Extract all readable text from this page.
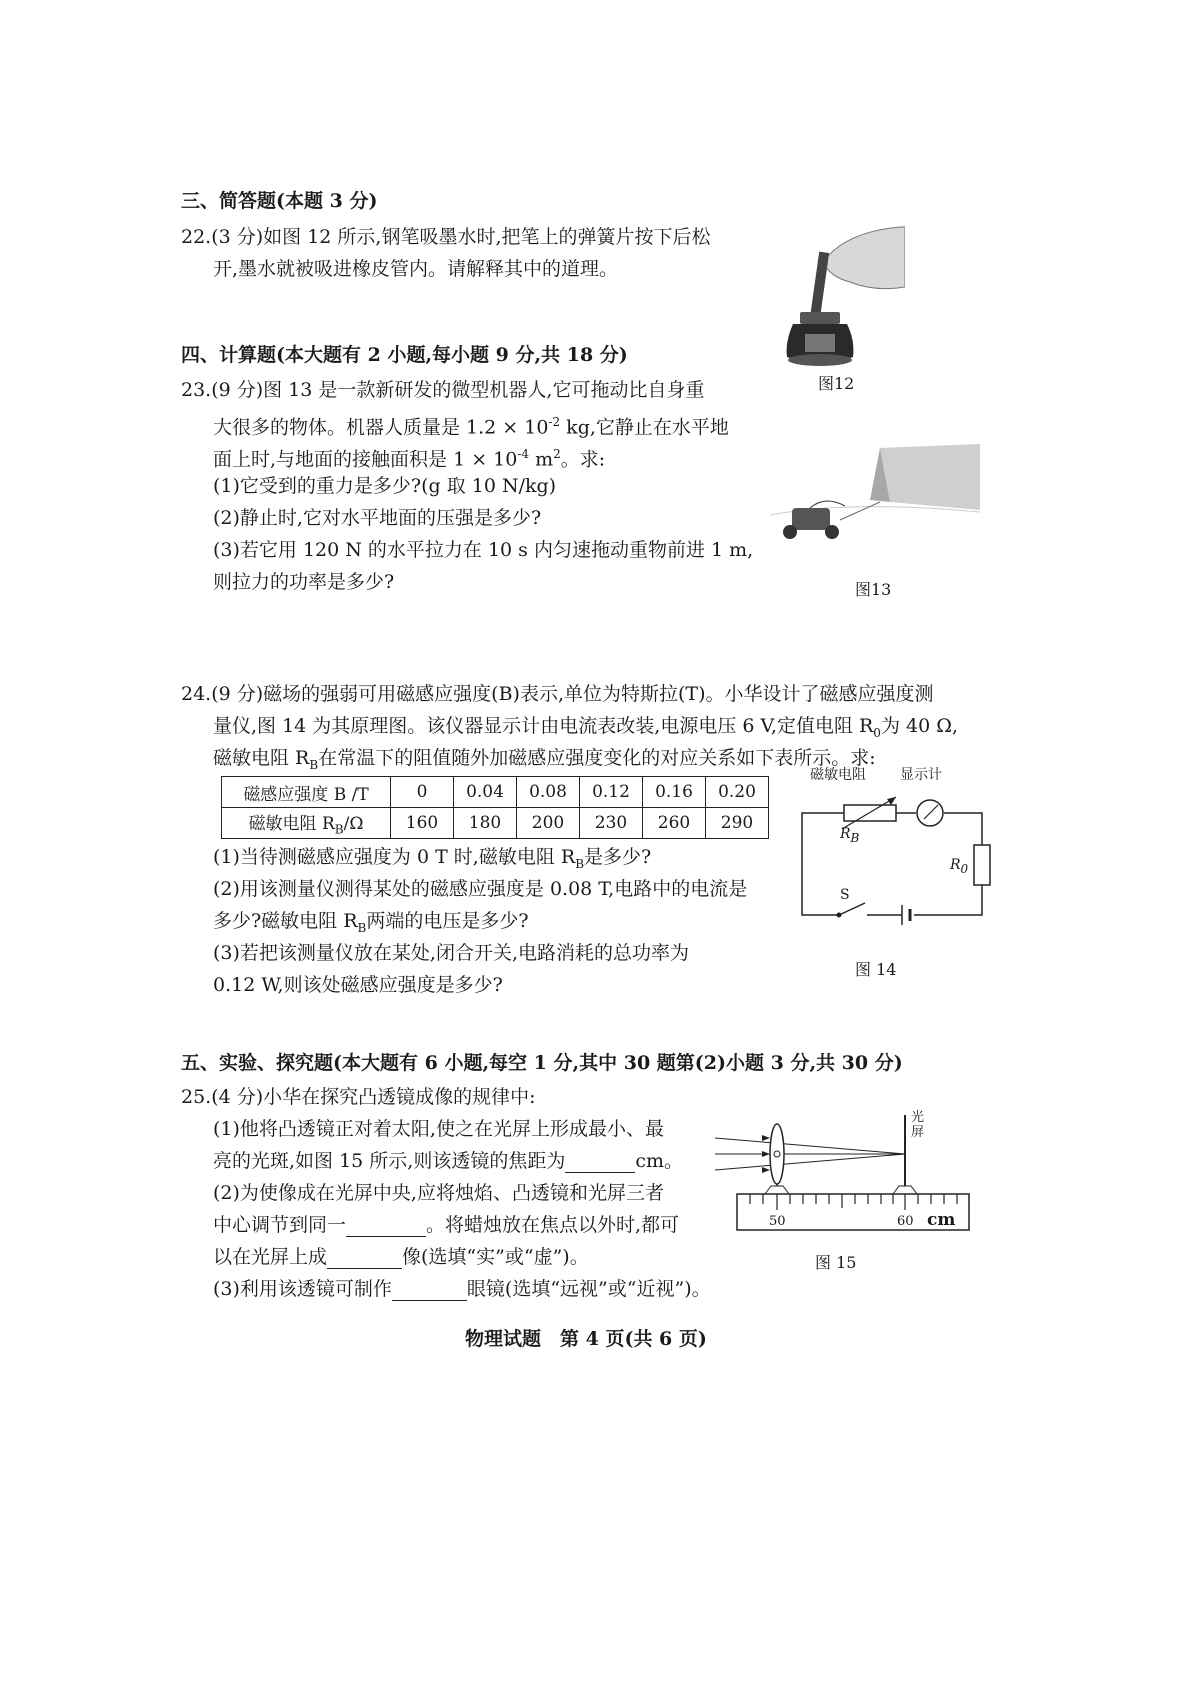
三、简答题(本题 3 分)
22.(3 分)如图 12 所示,钢笔吸墨水时,把笔上的弹簧片按下后松
开,墨水就被吸进橡皮管内。请解释其中的道理。
图12
四、计算题(本大题有 2 小题,每小题 9 分,共 18 分)
23.(9 分)图 13 是一款新研发的微型机器人,它可拖动比自身重
大很多的物体。机器人质量是 $1.2 \times 10^{-2}$ kg,它静止在水平地
面上时,与地面的接触面积是 $1 \times 10^{-4}$ $m^2$。求:
(1)它受到的重力是多少?(g 取 10 N/kg)
(2)静止时,它对水平地面的压强是多少?
(3)若它用 120 N 的水平拉力在 10 s 内匀速拖动重物前进 1 m,
则拉力的功率是多少?	图13
24.(9 分)磁场的强弱可用磁感应强度(B)表示,单位为特斯拉(T)。小华设计了磁感应强度测
量仪,图 14 为其原理图。该仪器显示计由电流表改装,电源电压 6 V,定值电阻 $R_0$为 40 Ω,
磁敏电阻 $R_B$在常温下的阻值随外加磁感应强度变化的对应关系如下表所示。求:
磁感应强度 B /T	0	0.04	0.08	0.12	0.16	0.20
磁敏电阻 $R_B/\Omega$	160	180	200	230	260	290
(1)当待测磁感应强度为 0 T 时,磁敏电阻 $R_B$是多少?
(2)用该测量仪测得某处的磁感应强度是 0.08 T,电路中的电流是
多少?磁敏电阻 $R_B$两端的电压是多少?
(3)若把该测量仪放在某处,闭合开关,电路消耗的总功率为
0.12 W,则该处磁感应强度是多少?
磁敏电阻 显示计
$R_B$
$R_0$
S
图 14
五、实验、探究题(本大题有 6 小题,每空 1 分,其中 30 题第(2)小题 3 分,共 30 分)
25.(4 分)小华在探究凸透镜成像的规律中:
(1)他将凸透镜正对着太阳,使之在光屏上形成最小、最
亮的光斑,如图 15 所示,则该透镜的焦距为	cm。
(2)为使像成在光屏中央,应将烛焰、凸透镜和光屏三者
中心调节到同一	。将蜡烛放在焦点以外时,都可
以在光屏上成	像(选填“实”或“虚”)。
(3)利用该透镜可制作	眼镜(选填“远视”或“近视”)。
光屏
50	60 cm
图 15
物理试题　第 4 页(共 6 页)
